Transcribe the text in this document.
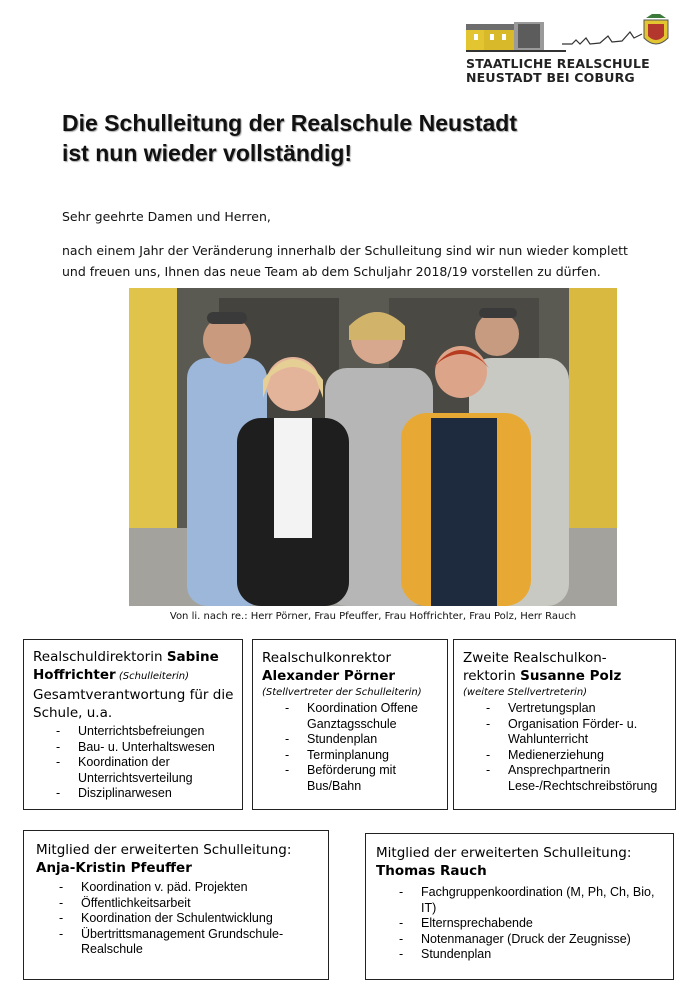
STAATLICHE REALSCHULE
NEUSTADT BEI COBURG
Die Schulleitung der Realschule Neustadt
ist nun wieder vollständig!
Sehr geehrte Damen und Herren,
nach einem Jahr der Veränderung innerhalb der Schulleitung sind wir nun wieder komplett
und freuen uns, Ihnen das neue Team ab dem Schuljahr 2018/19 vorstellen zu dürfen.
Von li. nach re.: Herr Pörner, Frau Pfeuffer, Frau Hoffrichter, Frau Polz, Herr Rauch
Realschuldirektorin Sabine
Hoffrichter (Schulleiterin)
Gesamtverantwortung für die
Schule, u.a.
- Unterrichtsbefreiungen
- Bau- u. Unterhaltswesen
- Koordination der Unterrichtsverteilung
- Disziplinarwesen
Realschulkonrektor
Alexander Pörner
(Stellvertreter der Schulleiterin)
- Koordination Offene Ganztagsschule
- Stundenplan
- Terminplanung
- Beförderung mit Bus/Bahn
Zweite Realschulkon-
rektorin Susanne Polz
(weitere Stellvertreterin)
- Vertretungsplan
- Organisation Förder- u. Wahlunterricht
- Medienerziehung
- Ansprechpartnerin Lese-/Rechtschreibstörung
Mitglied der erweiterten Schulleitung:
Anja-Kristin Pfeuffer
- Koordination v. päd. Projekten
- Öffentlichkeitsarbeit
- Koordination der Schulentwicklung
- Übertrittsmanagement Grundschule-Realschule
Mitglied der erweiterten Schulleitung:
Thomas Rauch
- Fachgruppenkoordination (M, Ph, Ch, Bio, IT)
- Elternsprechabende
- Notenmanager (Druck der Zeugnisse)
- Stundenplan
